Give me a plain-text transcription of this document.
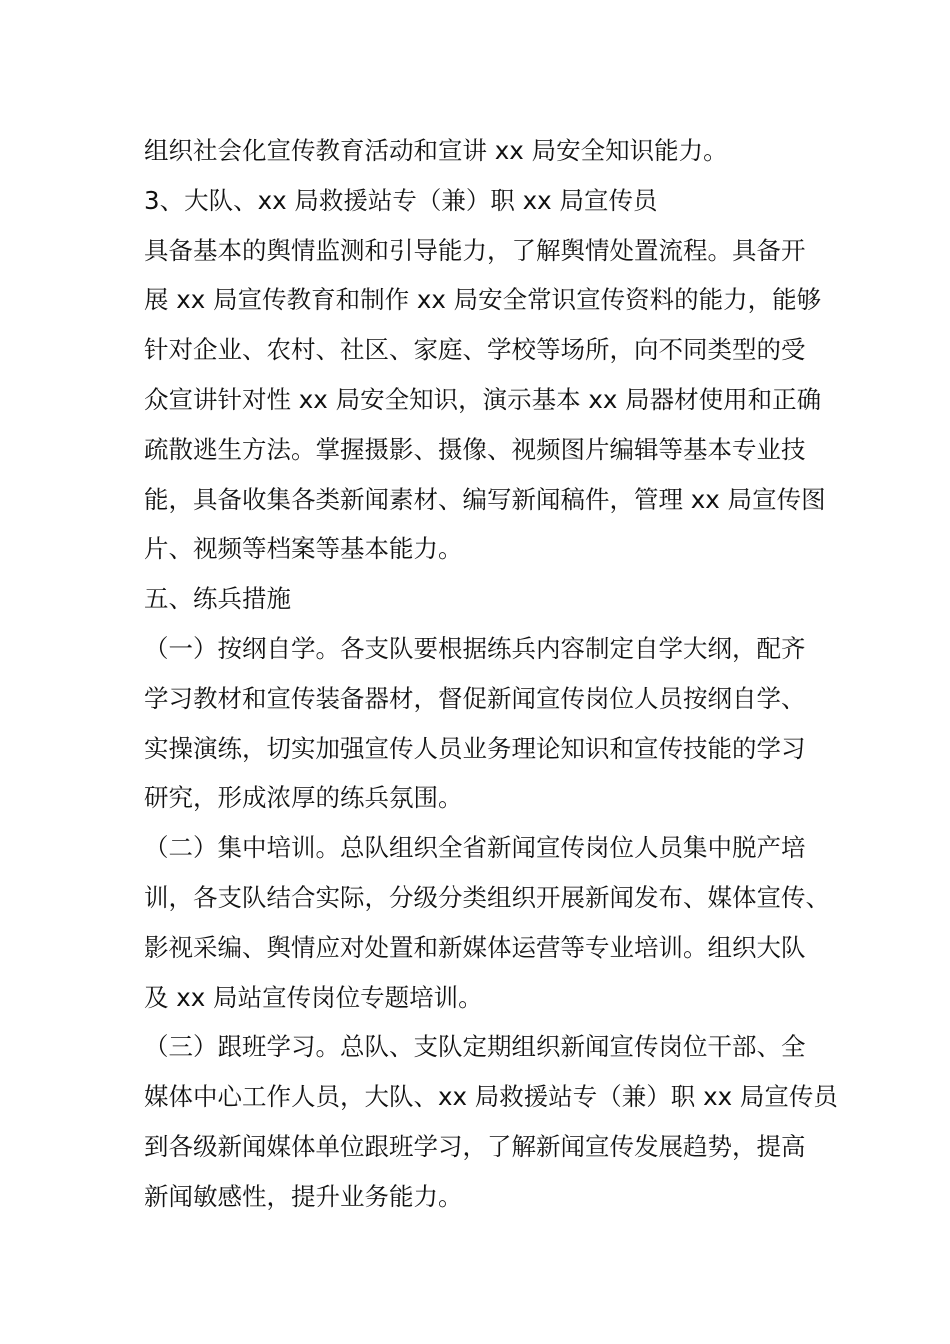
组织社会化宣传教育活动和宣讲 xx 局安全知识能力。
3、大队、xx 局救援站专（兼）职 xx 局宣传员
具备基本的舆情监测和引导能力，了解舆情处置流程。具备开
展 xx 局宣传教育和制作 xx 局安全常识宣传资料的能力，能够
针对企业、农村、社区、家庭、学校等场所，向不同类型的受
众宣讲针对性 xx 局安全知识，演示基本 xx 局器材使用和正确
疏散逃生方法。掌握摄影、摄像、视频图片编辑等基本专业技
能，具备收集各类新闻素材、编写新闻稿件，管理 xx 局宣传图
片、视频等档案等基本能力。
五、练兵措施
（一）按纲自学。各支队要根据练兵内容制定自学大纲，配齐
学习教材和宣传装备器材，督促新闻宣传岗位人员按纲自学、
实操演练，切实加强宣传人员业务理论知识和宣传技能的学习
研究，形成浓厚的练兵氛围。
（二）集中培训。总队组织全省新闻宣传岗位人员集中脱产培
训，各支队结合实际，分级分类组织开展新闻发布、媒体宣传、
影视采编、舆情应对处置和新媒体运营等专业培训。组织大队
及 xx 局站宣传岗位专题培训。
（三）跟班学习。总队、支队定期组织新闻宣传岗位干部、全
媒体中心工作人员，大队、xx 局救援站专（兼）职 xx 局宣传员
到各级新闻媒体单位跟班学习，了解新闻宣传发展趋势，提高
新闻敏感性，提升业务能力。
